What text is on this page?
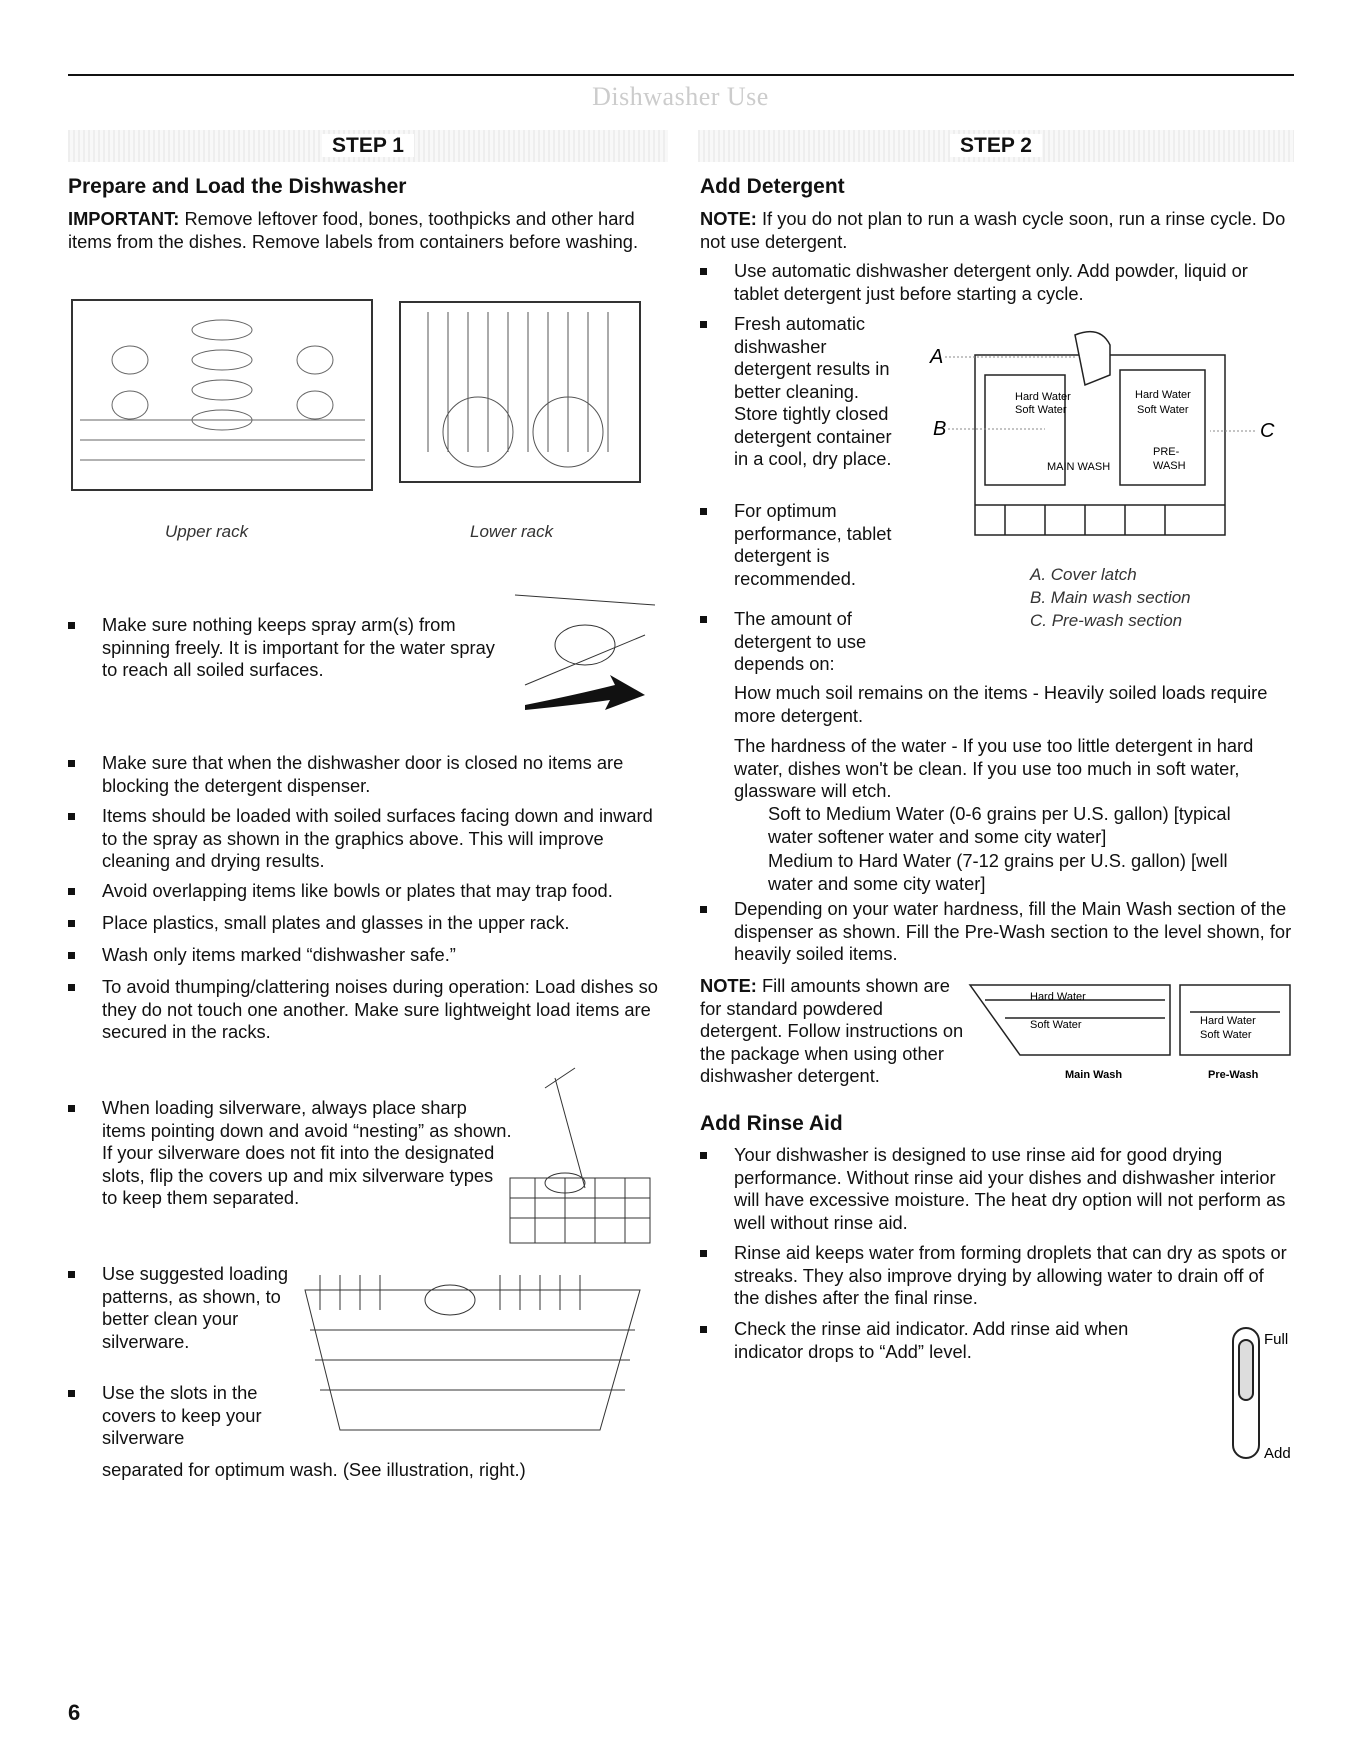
Dishwasher Use
STEP 1
Prepare and Load the Dishwasher
IMPORTANT: Remove leftover food, bones, toothpicks and other hard items from the dishes. Remove labels from containers before washing.
Upper rack	Lower rack
Make sure nothing keeps spray arm(s) from spinning freely. It is important for the water spray to reach all soiled surfaces.
Make sure that when the dishwasher door is closed no items are blocking the detergent dispenser.
Items should be loaded with soiled surfaces facing down and inward to the spray as shown in the graphics above. This will improve cleaning and drying results.
Avoid overlapping items like bowls or plates that may trap food.
Place plastics, small plates and glasses in the upper rack.
Wash only items marked “dishwasher safe.”
To avoid thumping/clattering noises during operation: Load dishes so they do not touch one another. Make sure lightweight load items are secured in the racks.
When loading silverware, always place sharp items pointing down and avoid “nesting” as shown. If your silverware does not fit into the designated slots, flip the covers up and mix silverware types to keep them separated.
Use suggested loading patterns, as shown, to better clean your silverware.
Use the slots in the covers to keep your silverware
separated for optimum wash. (See illustration, right.)
STEP 2
Add Detergent
NOTE: If you do not plan to run a wash cycle soon, run a rinse cycle. Do not use detergent.
Use automatic dishwasher detergent only. Add powder, liquid or tablet detergent just before starting a cycle.
Fresh automatic dishwasher detergent results in better cleaning. Store tightly closed detergent container in a cool, dry place.
For optimum performance, tablet detergent is recommended.
The amount of detergent to use depends on:
A
B	C
Hard Water
Soft Water
Hard Water
Soft Water
MAIN WASH
PRE-
WASH
A. Cover latch
B. Main wash section
C. Pre-wash section
How much soil remains on the items - Heavily soiled loads require more detergent.
The hardness of the water - If you use too little detergent in hard water, dishes won't be clean. If you use too much in soft water, glassware will etch.
Soft to Medium Water (0-6 grains per U.S. gallon) [typical water softener water and some city water]
Medium to Hard Water (7-12 grains per U.S. gallon) [well water and some city water]
Depending on your water hardness, fill the Main Wash section of the dispenser as shown. Fill the Pre-Wash section to the level shown, for heavily soiled items.
NOTE: Fill amounts shown are for standard powdered detergent. Follow instructions on the package when using other dishwasher detergent.
Hard Water
Soft Water	Hard Water
Soft Water
Main Wash	Pre-Wash
Add Rinse Aid
Your dishwasher is designed to use rinse aid for good drying performance. Without rinse aid your dishes and dishwasher interior will have excessive moisture. The heat dry option will not perform as well without rinse aid.
Rinse aid keeps water from forming droplets that can dry as spots or streaks. They also improve drying by allowing water to drain off of the dishes after the final rinse.
Check the rinse aid indicator. Add rinse aid when indicator drops to “Add” level.
Full
Add
6
